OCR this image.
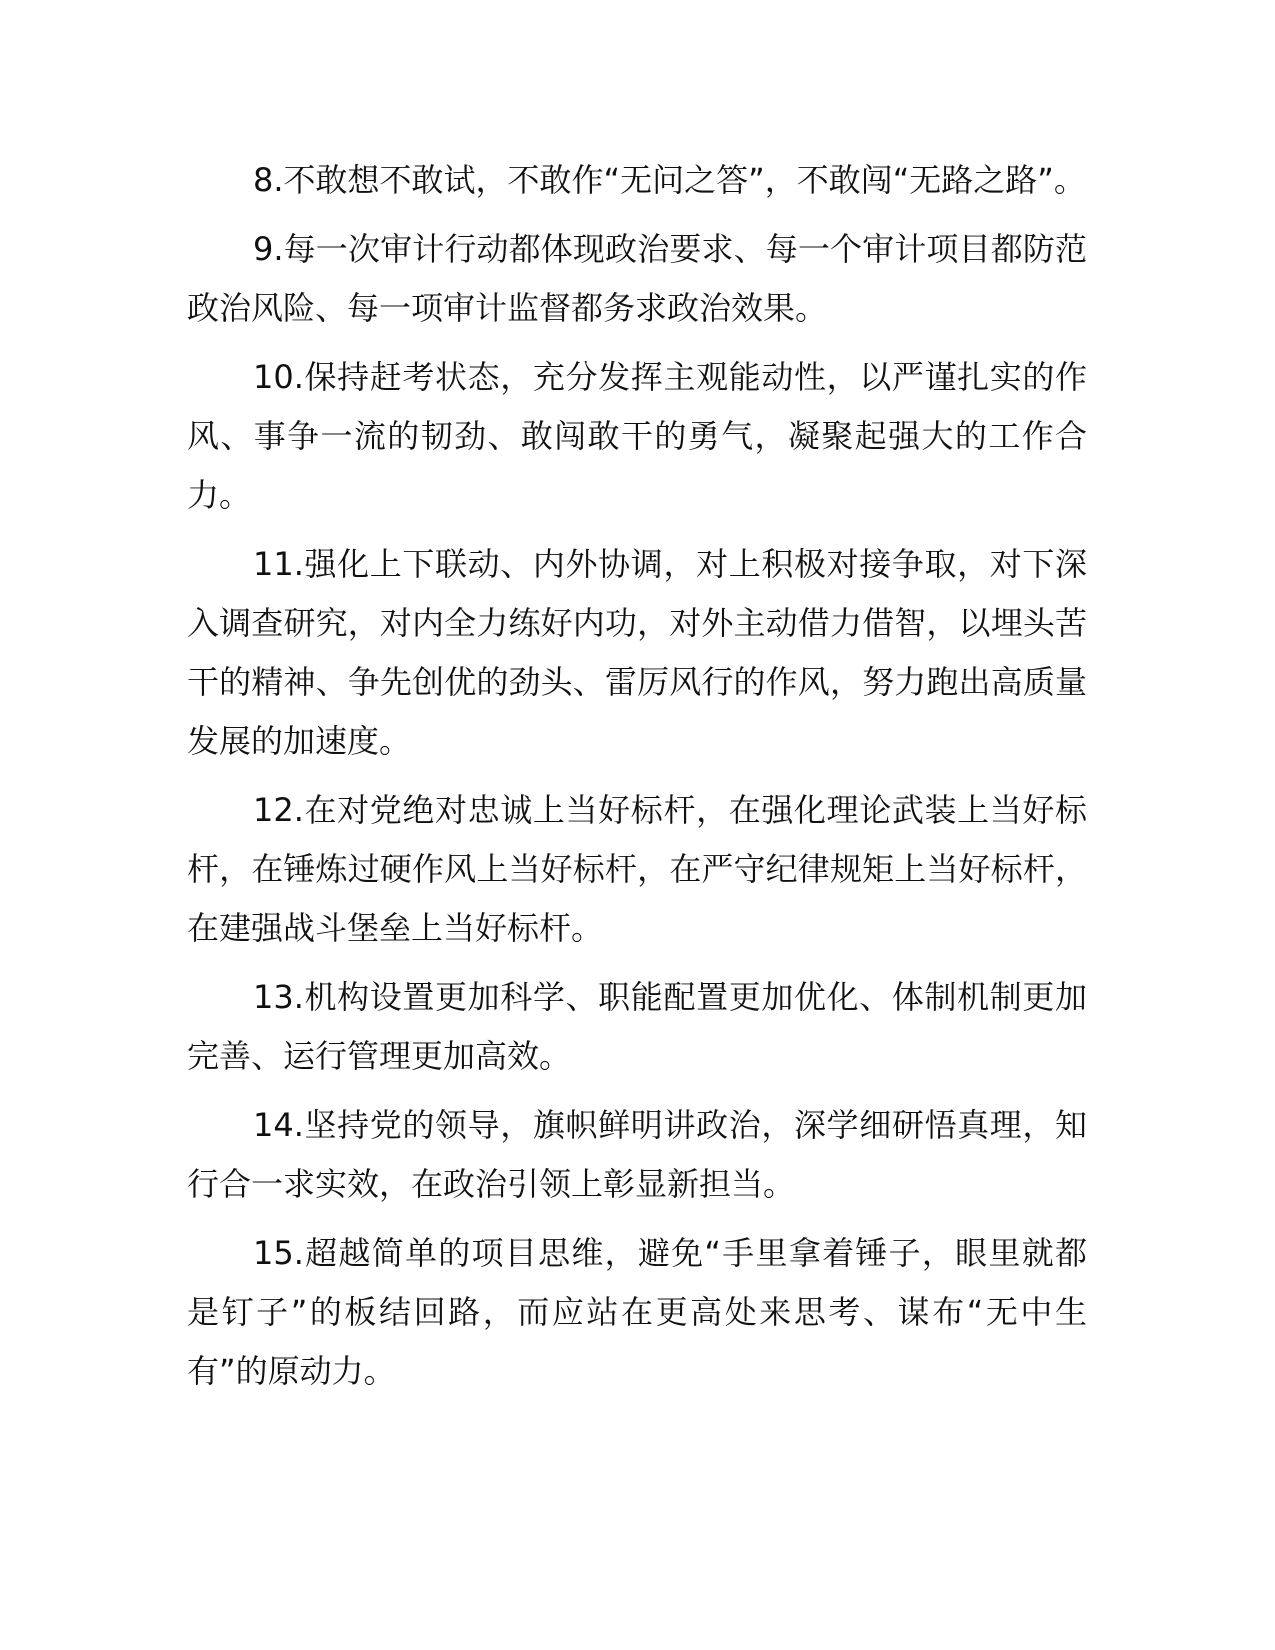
8.不敢想不敢试，不敢作“无问之答”，不敢闯“无路之路”。

9.每一次审计行动都体现政治要求、每一个审计项目都防范政治风险、每一项审计监督都务求政治效果。

10.保持赶考状态，充分发挥主观能动性，以严谨扎实的作风、事争一流的韧劲、敢闯敢干的勇气，凝聚起强大的工作合力。

11.强化上下联动、内外协调，对上积极对接争取，对下深入调查研究，对内全力练好内功，对外主动借力借智，以埋头苦干的精神、争先创优的劲头、雷厉风行的作风，努力跑出高质量发展的加速度。

12.在对党绝对忠诚上当好标杆，在强化理论武装上当好标杆，在锤炼过硬作风上当好标杆，在严守纪律规矩上当好标杆，在建强战斗堡垒上当好标杆。

13.机构设置更加科学、职能配置更加优化、体制机制更加完善、运行管理更加高效。

14.坚持党的领导，旗帜鲜明讲政治，深学细研悟真理，知行合一求实效，在政治引领上彰显新担当。

15.超越简单的项目思维，避免“手里拿着锤子，眼里就都是钉子”的板结回路，而应站在更高处来思考、谋布“无中生有”的原动力。
